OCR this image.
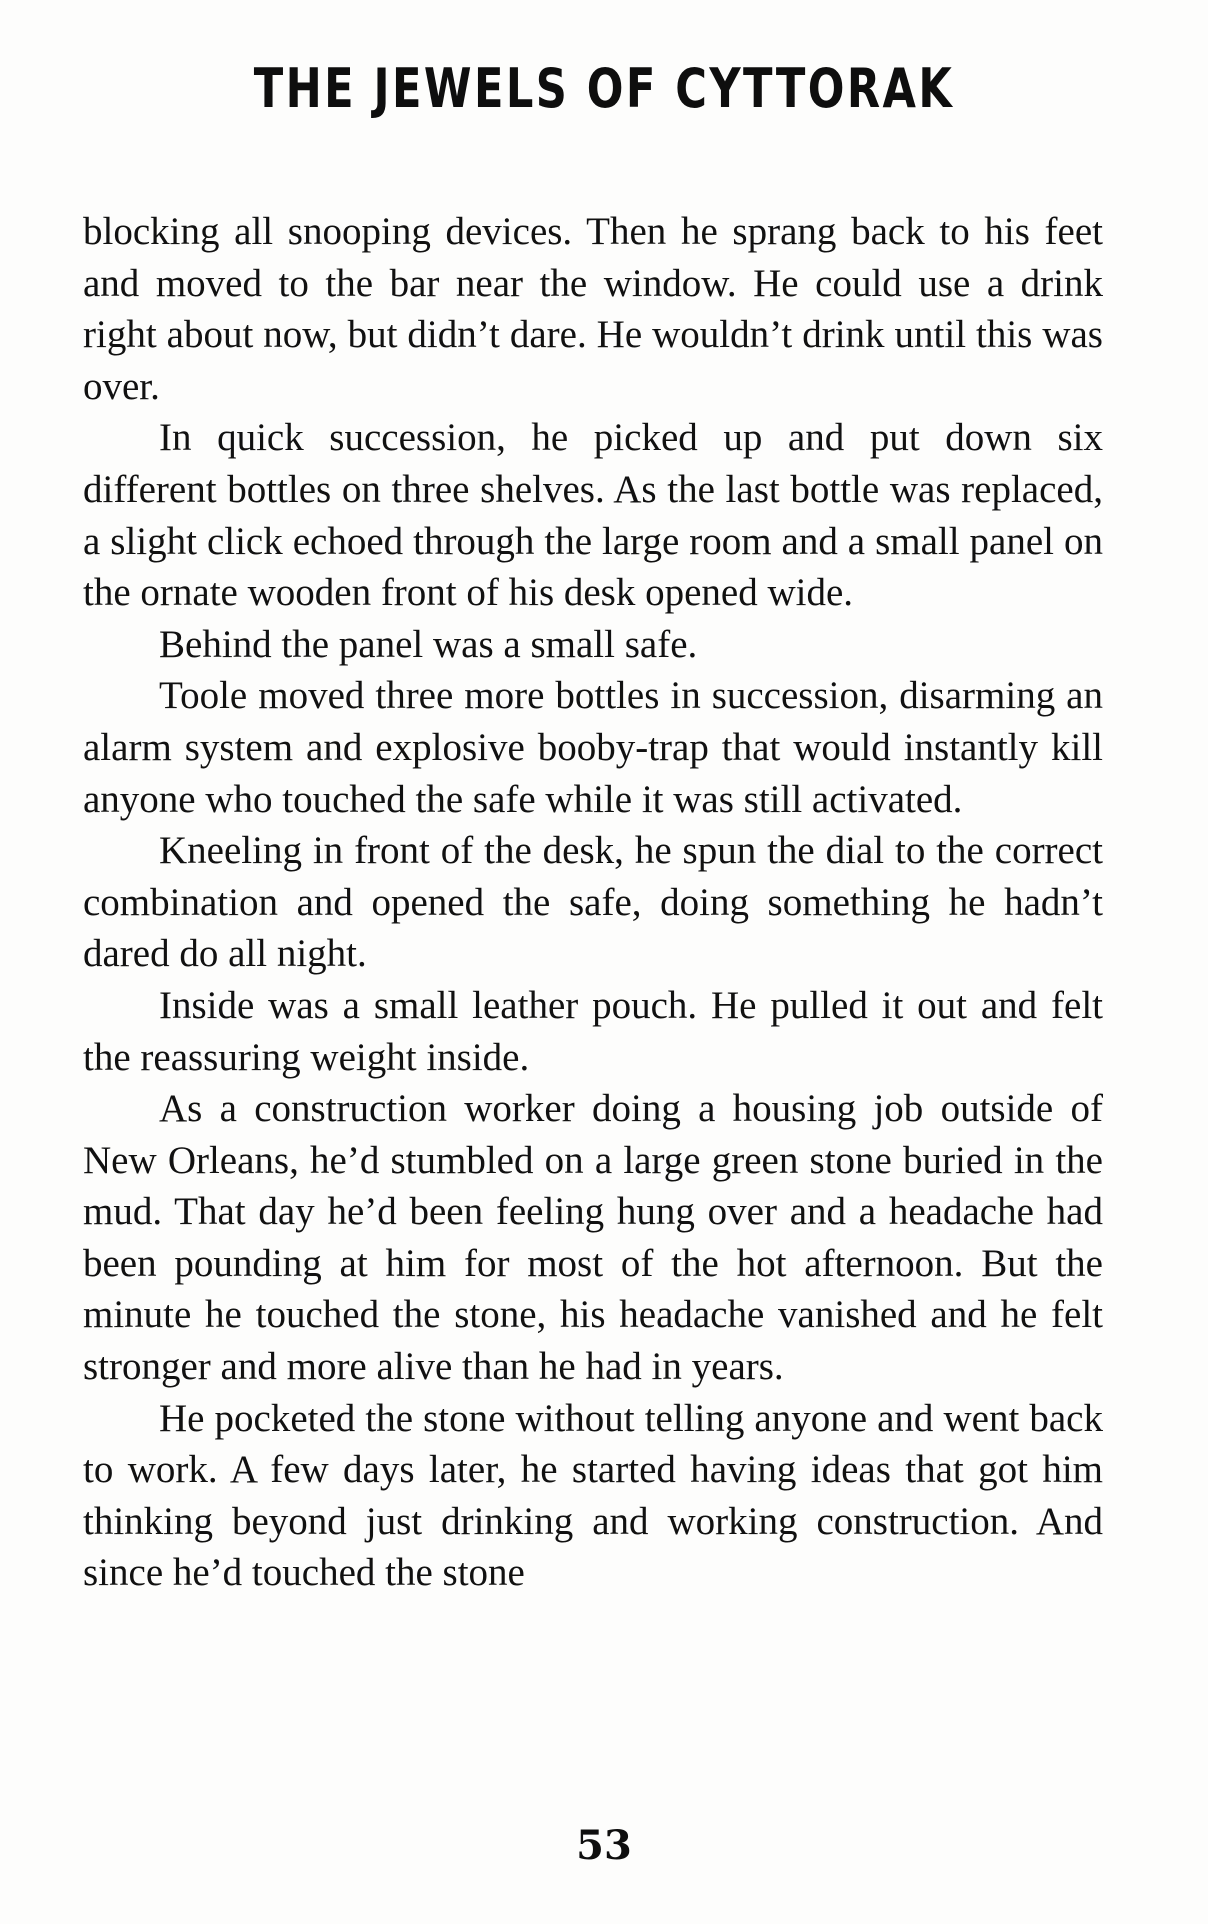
THE JEWELS OF CYTTORAK

blocking all snooping devices. Then he sprang back to his feet and moved to the bar near the window. He could use a drink right about now, but didn’t dare. He wouldn’t drink until this was over.

In quick succession, he picked up and put down six different bottles on three shelves. As the last bottle was replaced, a slight click echoed through the large room and a small panel on the ornate wooden front of his desk opened wide.

Behind the panel was a small safe.

Toole moved three more bottles in succession, disarming an alarm system and explosive booby-trap that would instantly kill anyone who touched the safe while it was still activated.

Kneeling in front of the desk, he spun the dial to the correct combination and opened the safe, doing something he hadn’t dared do all night.

Inside was a small leather pouch. He pulled it out and felt the reassuring weight inside.

As a construction worker doing a housing job outside of New Orleans, he’d stumbled on a large green stone buried in the mud. That day he’d been feeling hung over and a headache had been pounding at him for most of the hot afternoon. But the minute he touched the stone, his headache vanished and he felt stronger and more alive than he had in years.

He pocketed the stone without telling anyone and went back to work. A few days later, he started having ideas that got him thinking beyond just drinking and working construction. And since he’d touched the stone

53
